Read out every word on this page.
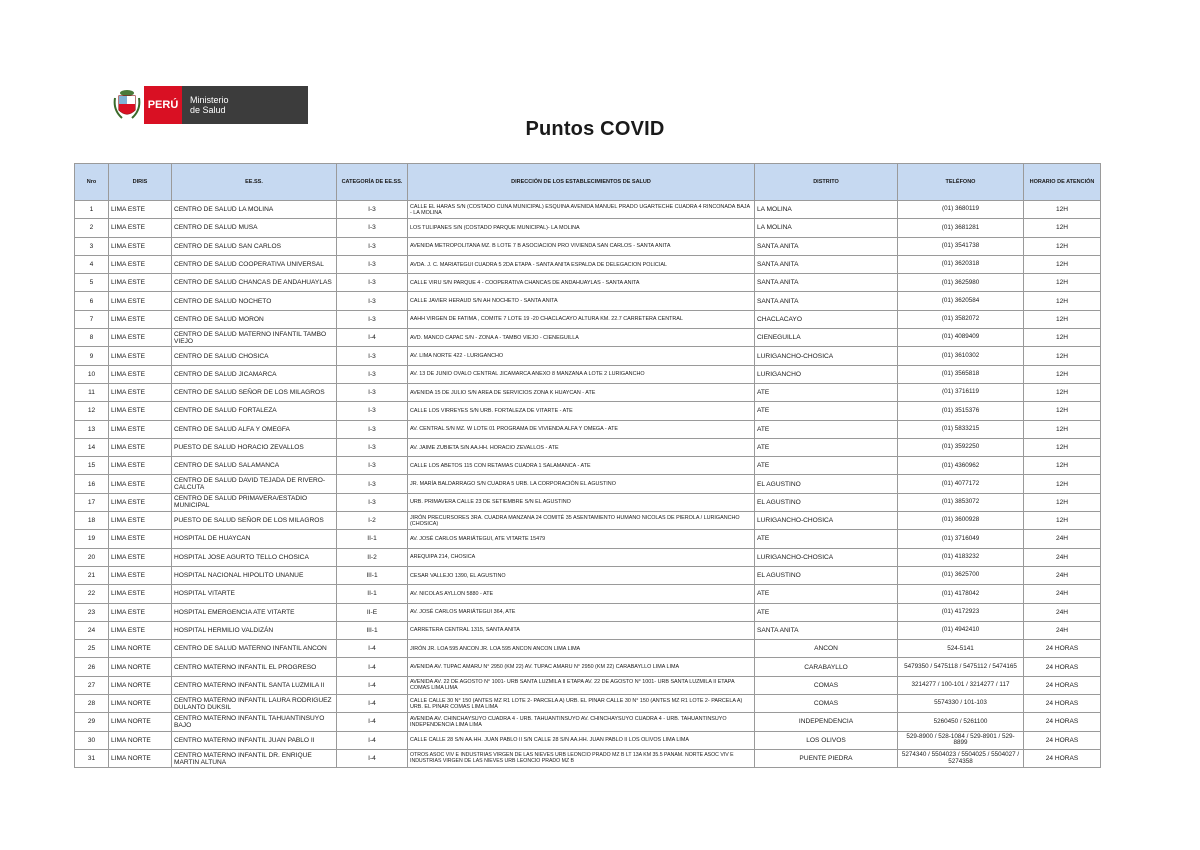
PERÚ	Ministerio
de Salud
Puntos COVID
Nro	DIRIS	EE.SS.	CATEGORÍA DE EE.SS.	DIRECCIÓN DE LOS ESTABLECIMIENTOS DE SALUD	DISTRITO	TELÉFONO	HORARIO DE ATENCIÓN
1	LIMA ESTE	CENTRO DE SALUD LA MOLINA	I-3	CALLE EL HARAS S/N (COSTADO CUNA MUNICIPAL) ESQUINA AVENIDA MANUEL PRADO UGARTECHE CUADRA 4 RINCONADA BAJA - LA MOLINA	LA MOLINA	(01) 3680119	12H
2	LIMA ESTE	CENTRO DE SALUD MUSA	I-3	LOS TULIPANES S/N (COSTADO PARQUE MUNICIPAL)- LA MOLINA	LA MOLINA	(01) 3681281	12H
3	LIMA ESTE	CENTRO DE SALUD SAN CARLOS	I-3	AVENIDA METROPOLITANA MZ. B LOTE 7 B ASOCIACION PRO VIVIENDA SAN CARLOS - SANTA ANITA	SANTA ANITA	(01) 3541738	12H
4	LIMA ESTE	CENTRO DE SALUD COOPERATIVA UNIVERSAL	I-3	AVDA. J. C. MARIATEGUI CUADRA 5 2DA ETAPA - SANTA ANITA ESPALDA DE DELEGACION POLICIAL	SANTA ANITA	(01) 3620318	12H
5	LIMA ESTE	CENTRO DE SALUD CHANCAS DE ANDAHUAYLAS	I-3	CALLE VIRU S/N PARQUE 4 - COOPERATIVA CHANCAS DE ANDAHUAYLAS - SANTA ANITA	SANTA ANITA	(01) 3625980	12H
6	LIMA ESTE	CENTRO DE SALUD NOCHETO	I-3	CALLE JAVIER HERAUD S/N AH NOCHETO - SANTA ANITA	SANTA ANITA	(01) 3620584	12H
7	LIMA ESTE	CENTRO DE SALUD MORON	I-3	AAHH VIRGEN DE FATIMA , COMITE 7 LOTE 19 -20 CHACLACAYO ALTURA KM. 22.7 CARRETERA CENTRAL	CHACLACAYO	(01) 3582072	12H
8	LIMA ESTE	CENTRO DE SALUD MATERNO INFANTIL TAMBO VIEJO	I-4	AVD. MANCO CAPAC S/N - ZONA A - TAMBO VIEJO - CIENEGUILLA	CIENEGUILLA	(01) 4089409	12H
9	LIMA ESTE	CENTRO DE SALUD CHOSICA	I-3	AV. LIMA NORTE 422 - LURIGANCHO	LURIGANCHO-CHOSICA	(01) 3610302	12H
10	LIMA ESTE	CENTRO DE SALUD JICAMARCA	I-3	AV. 13 DE JUNIO OVALO CENTRAL JICAMARCA ANEXO 8 MANZANA A LOTE 2 LURIGANCHO	LURIGANCHO	(01) 3565818	12H
11	LIMA ESTE	CENTRO DE SALUD SEÑOR DE LOS MILAGROS	I-3	AVENIDA 15 DE JULIO S/N AREA DE SERVICIOS ZONA K HUAYCAN - ATE	ATE	(01) 3716119	12H
12	LIMA ESTE	CENTRO DE SALUD FORTALEZA	I-3	CALLE LOS VIRREYES S/N URB. FORTALEZA DE VITARTE - ATE	ATE	(01) 3515376	12H
13	LIMA ESTE	CENTRO DE SALUD ALFA Y OMEGFA	I-3	AV. CENTRAL S/N MZ. W LOTE 01 PROGRAMA DE VIVIENDA ALFA Y OMEGA - ATE	ATE	(01) 5833215	12H
14	LIMA ESTE	PUESTO DE SALUD HORACIO ZEVALLOS	I-3	AV. JAIME ZUBIETA S/N AA.HH. HORACIO ZEVALLOS - ATE	ATE	(01) 3592250	12H
15	LIMA ESTE	CENTRO DE SALUD SALAMANCA	I-3	CALLE LOS ABETOS 115 CON RETAMAS CUADRA 1 SALAMANCA - ATE	ATE	(01) 4360962	12H
16	LIMA ESTE	CENTRO DE SALUD DAVID TEJADA DE RIVERO- CALCUTA	I-3	JR. MARÍA BALDARRAGO S/N CUADRA 5 URB. LA CORPORACIÓN EL AGUSTINO	EL AGUSTINO	(01) 4077172	12H
17	LIMA ESTE	CENTRO DE SALUD PRIMAVERA/ESTADIO MUNICIPAL	I-3	URB. PRIMAVERA CALLE 23 DE SETIEMBRE S/N EL AGUSTINO	EL AGUSTINO	(01) 3853072	12H
18	LIMA ESTE	PUESTO DE SALUD SEÑOR DE LOS MILAGROS	I-2	JIRÓN PRECURSORES 3RA. CUADRA MANZANA 24 COMITÉ 35 ASENTAMIENTO HUMANO NICOLAS DE PIEROLA / LURIGANCHO (CHOSICA)	LURIGANCHO-CHOSICA	(01) 3600928	12H
19	LIMA ESTE	HOSPITAL DE HUAYCAN	II-1	AV. JOSÉ CARLOS MARIÁTEGUI, ATE VITARTE 15479	ATE	(01) 3716049	24H
20	LIMA ESTE	HOSPITAL JOSE AGURTO TELLO CHOSICA	II-2	AREQUIPA 214, CHOSICA	LURIGANCHO-CHOSICA	(01) 4183232	24H
21	LIMA ESTE	HOSPITAL NACIONAL HIPOLITO UNANUE	III-1	CESAR VALLEJO 1390, EL AGUSTINO	EL AGUSTINO	(01) 3625700	24H
22	LIMA ESTE	HOSPITAL VITARTE	II-1	AV. NICOLAS AYLLON 5880 - ATE	ATE	(01) 4178042	24H
23	LIMA ESTE	HOSPITAL EMERGENCIA ATE VITARTE	II-E	AV. JOSÉ CARLOS MARIÁTEGUI 364, ATE	ATE	(01) 4172923	24H
24	LIMA ESTE	HOSPITAL HERMILIO VALDIZÁN	III-1	CARRETERA CENTRAL 1315, SANTA ANITA	SANTA ANITA	(01) 4942410	24H
25	LIMA NORTE	CENTRO DE SALUD MATERNO INFANTIL ANCON	I-4	JIRÓN JR. LOA 595 ANCON JR. LOA 595 ANCON ANCON LIMA LIMA	ANCON	524-5141	24 HORAS
26	LIMA NORTE	CENTRO MATERNO INFANTIL EL PROGRESO	I-4	AVENIDA AV. TUPAC AMARU N° 2950 (KM 22) AV. TUPAC AMARU N° 2950 (KM 22) CARABAYLLO LIMA LIMA	CARABAYLLO	5479350 / 5475118 / 5475112 / 5474165	24 HORAS
27	LIMA NORTE	CENTRO MATERNO INFANTIL SANTA LUZMILA II	I-4	AVENIDA AV. 22 DE AGOSTO N° 1001- URB SANTA LUZMILA II ETAPA AV. 22 DE AGOSTO N° 1001- URB SANTA LUZMILA II ETAPA COMAS LIMA LIMA	COMAS	3214277 / 100-101 / 3214277 / 117	24 HORAS
28	LIMA NORTE	CENTRO MATERNO INFANTIL LAURA RODRIGUEZ DULANTO DUKSIL	I-4	CALLE CALLE 30 N° 150 (ANTES MZ R1 LOTE 2- PARCELA A) URB. EL PINAR CALLE 30 N° 150 (ANTES MZ R1 LOTE 2- PARCELA A) URB. EL PINAR COMAS LIMA LIMA	COMAS	5574330 / 101-103	24 HORAS
29	LIMA NORTE	CENTRO MATERNO INFANTIL TAHUANTINSUYO BAJO	I-4	AVENIDA AV. CHINCHAYSUYO CUADRA 4 - URB. TAHUANTINSUYO AV. CHINCHAYSUYO CUADRA 4 - URB. TAHUANTINSUYO INDEPENDENCIA LIMA LIMA	INDEPENDENCIA	5260450 / 5261100	24 HORAS
30	LIMA NORTE	CENTRO MATERNO INFANTIL JUAN PABLO II	I-4	CALLE CALLE 28 S/N AA.HH. JUAN PABLO II S/N CALLE 28 S/N AA.HH. JUAN PABLO II LOS OLIVOS LIMA LIMA	LOS OLIVOS	529-8900 / 528-1084 / 529-8901 / 529-8899	24 HORAS
31	LIMA NORTE	CENTRO MATERNO INFANTIL DR. ENRIQUE MARTIN ALTUNA	I-4	OTROS ASOC VIV E INDUSTRIAS VIRGEN DE LAS NIEVES URB LEONCIO PRADO MZ B LT 13A KM 35.5 PANAM. NORTE ASOC VIV E INDUSTRIAS VIRGEN DE LAS NIEVES URB LEONCIO PRADO MZ B	PUENTE PIEDRA	5274340 / 5504023 / 5504025 / 5504027 / 5274358	24 HORAS
